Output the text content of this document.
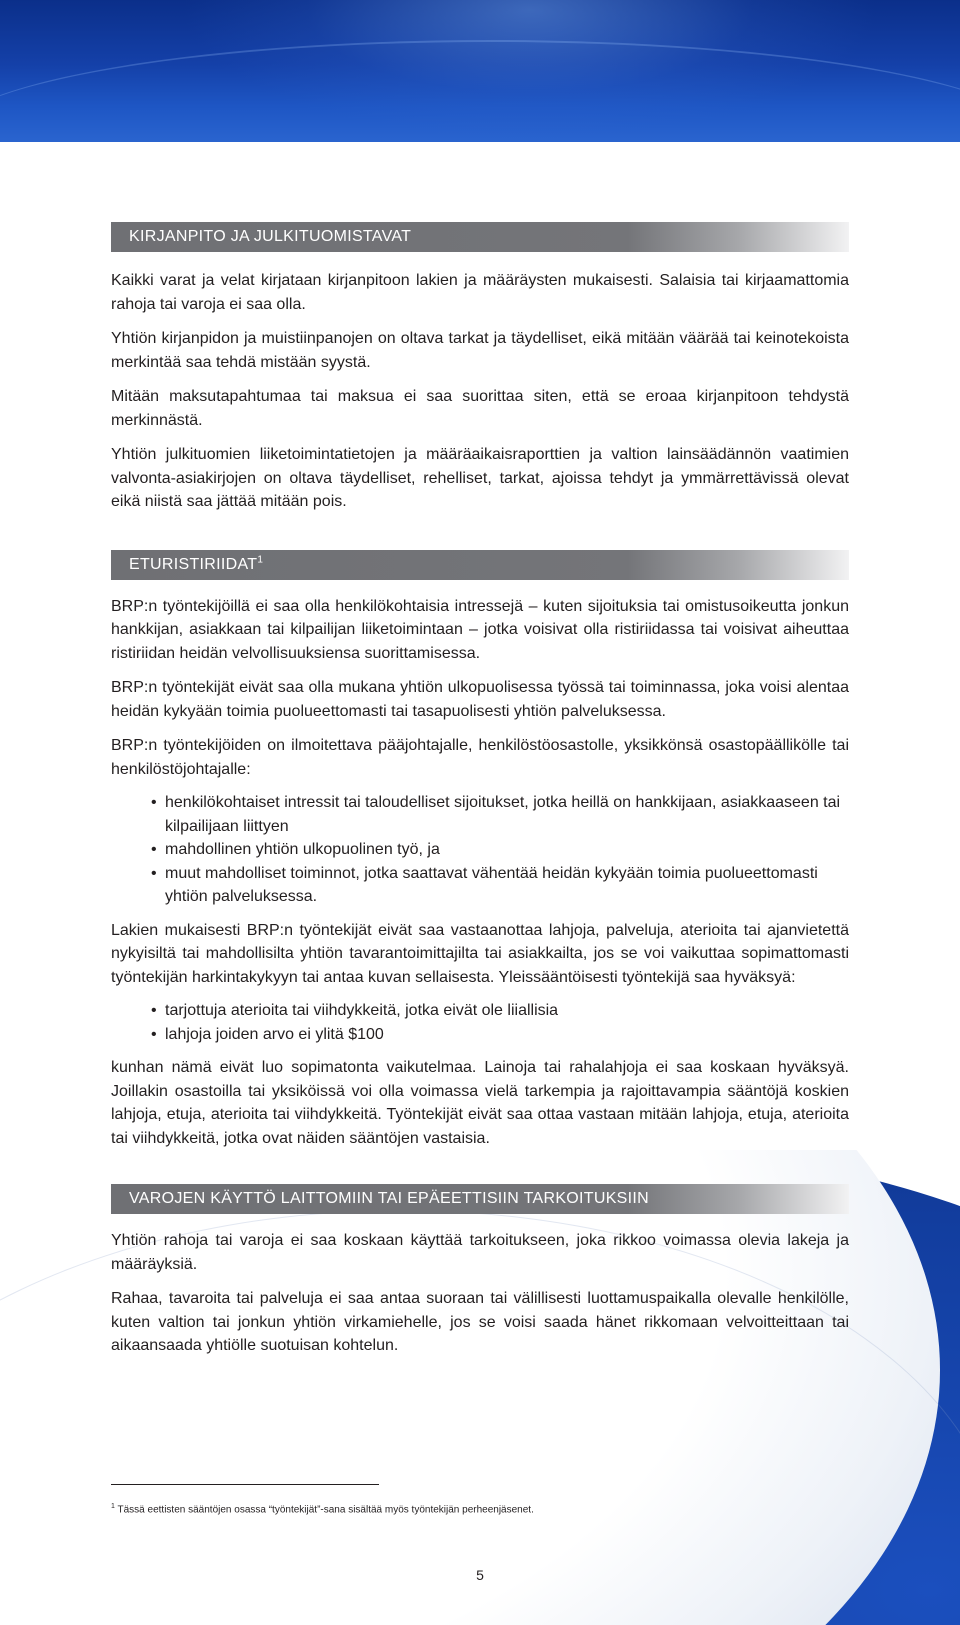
KIRJANPITO JA JULKITUOMISTAVAT

Kaikki varat ja velat kirjataan kirjanpitoon lakien ja määräysten mukaisesti. Salaisia tai kirjaamattomia rahoja tai varoja ei saa olla.

Yhtiön kirjanpidon ja muistiinpanojen on oltava tarkat ja täydelliset, eikä mitään väärää tai keinotekoista merkintää saa tehdä mistään syystä.

Mitään maksutapahtumaa tai maksua ei saa suorittaa siten, että se eroaa kirjanpitoon tehdystä merkinnästä.

Yhtiön julkituomien liiketoimintatietojen ja määräaikaisraporttien ja valtion lainsäädännön vaatimien valvonta-asiakirjojen on oltava täydelliset, rehelliset, tarkat, ajoissa tehdyt ja ymmärrettävissä olevat eikä niistä saa jättää mitään pois.

ETURISTIRIIDAT$^1$

BRP:n työntekijöillä ei saa olla henkilökohtaisia intressejä – kuten sijoituksia tai omistusoikeutta jonkun hankkijan, asiakkaan tai kilpailijan liiketoimintaan – jotka voisivat olla ristiriidassa tai voisivat aiheuttaa ristiriidan heidän velvollisuuksiensa suorittamisessa.

BRP:n työntekijät eivät saa olla mukana yhtiön ulkopuolisessa työssä tai toiminnassa, joka voisi alentaa heidän kykyään toimia puolueettomasti tai tasapuolisesti yhtiön palveluksessa.

BRP:n työntekijöiden on ilmoitettava pääjohtajalle, henkilöstöosastolle, yksikkönsä osastopäällikölle tai henkilöstöjohtajalle:

• henkilökohtaiset intressit tai taloudelliset sijoitukset, jotka heillä on hankkijaan, asiakkaaseen tai kilpailijaan liittyen
• mahdollinen yhtiön ulkopuolinen työ, ja
• muut mahdolliset toiminnot, jotka saattavat vähentää heidän kykyään toimia puolueettomasti yhtiön palveluksessa.

Lakien mukaisesti BRP:n työntekijät eivät saa vastaanottaa lahjoja, palveluja, aterioita tai ajanvietettä nykyisiltä tai mahdollisilta yhtiön tavarantoimittajilta tai asiakkailta, jos se voi vaikuttaa sopimattomasti työntekijän harkintakykyyn tai antaa kuvan sellaisesta. Yleissääntöisesti työntekijä saa hyväksyä:

• tarjottuja aterioita tai viihdykkeitä, jotka eivät ole liiallisia
• lahjoja joiden arvo ei ylitä $100

kunhan nämä eivät luo sopimatonta vaikutelmaa. Lainoja tai rahalahjoja ei saa koskaan hyväksyä. Joillakin osastoilla tai yksiköissä voi olla voimassa vielä tarkempia ja rajoittavampia sääntöjä koskien lahjoja, etuja, aterioita tai viihdykkeitä. Työntekijät eivät saa ottaa vastaan mitään lahjoja, etuja, aterioita tai viihdykkeitä, jotka ovat näiden sääntöjen vastaisia.

VAROJEN KÄYTTÖ LAITTOMIIN TAI EPÄEETTISIIN TARKOITUKSIIN

Yhtiön rahoja tai varoja ei saa koskaan käyttää tarkoitukseen, joka rikkoo voimassa olevia lakeja ja määräyksiä.

Rahaa, tavaroita tai palveluja ei saa antaa suoraan tai välillisesti luottamuspaikalla olevalle henkilölle, kuten valtion tai jonkun yhtiön virkamiehelle, jos se voisi saada hänet rikkomaan velvoitteittaan tai aikaansaada yhtiölle suotuisan kohtelun.

$^1$ Tässä eettisten sääntöjen osassa “työntekijät”-sana sisältää myös työntekijän perheenjäsenet.
5
